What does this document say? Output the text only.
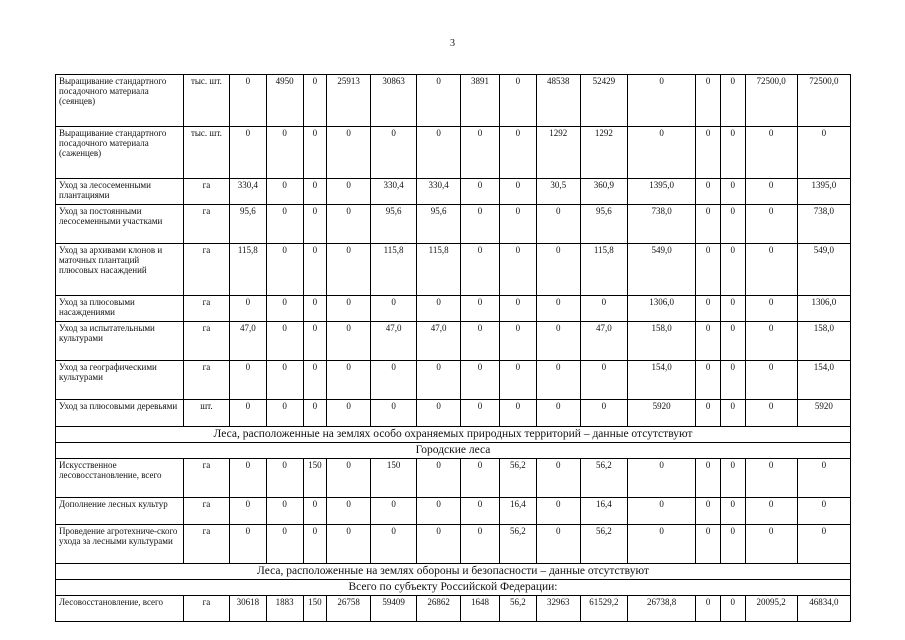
3
Выращивание стандартного посадочного материала (сеянцев)	тыс. шт.	0	4950	0	25913	30863	0	3891	0	48538	52429	0	0	0	72500,0	72500,0
Выращивание стандартного посадочного материала (саженцев)	тыс. шт.	0	0	0	0	0	0	0	0	1292	1292	0	0	0	0	0
Уход за лесосеменными плантациями	га	330,4	0	0	0	330,4	330,4	0	0	30,5	360,9	1395,0	0	0	0	1395,0
Уход за постоянными лесосеменными участками	га	95,6	0	0	0	95,6	95,6	0	0	0	95,6	738,0	0	0	0	738,0
Уход за архивами клонов и маточных плантаций плюсовых насаждений	га	115,8	0	0	0	115,8	115,8	0	0	0	115,8	549,0	0	0	0	549,0
Уход за плюсовыми насаждениями	га	0	0	0	0	0	0	0	0	0	0	1306,0	0	0	0	1306,0
Уход за испытательными культурами	га	47,0	0	0	0	47,0	47,0	0	0	0	47,0	158,0	0	0	0	158,0
Уход за географическими культурами	га	0	0	0	0	0	0	0	0	0	0	154,0	0	0	0	154,0
Уход за плюсовыми деревьями	шт.	0	0	0	0	0	0	0	0	0	0	5920	0	0	0	5920
Леса, расположенные на землях особо охраняемых природных территорий – данные отсутствуют																
Городские леса																
Искусственное лесовосстановление, всего	га	0	0	150	0	150	0	0	56,2	0	56,2	0	0	0	0	0
Дополнение лесных культур	га	0	0	0	0	0	0	0	16,4	0	16,4	0	0	0	0	0
Проведение агротехниче-ского ухода за лесными культурами	га	0	0	0	0	0	0	0	56,2	0	56,2	0	0	0	0	0
Леса, расположенные на землях обороны и безопасности – данные отсутствуют																
Всего по субъекту Российской Федерации:																
Лесовосстановление, всего	га	30618	1883	150	26758	59409	26862	1648	56,2	32963	61529,2	26738,8	0	0	20095,2	46834,0
